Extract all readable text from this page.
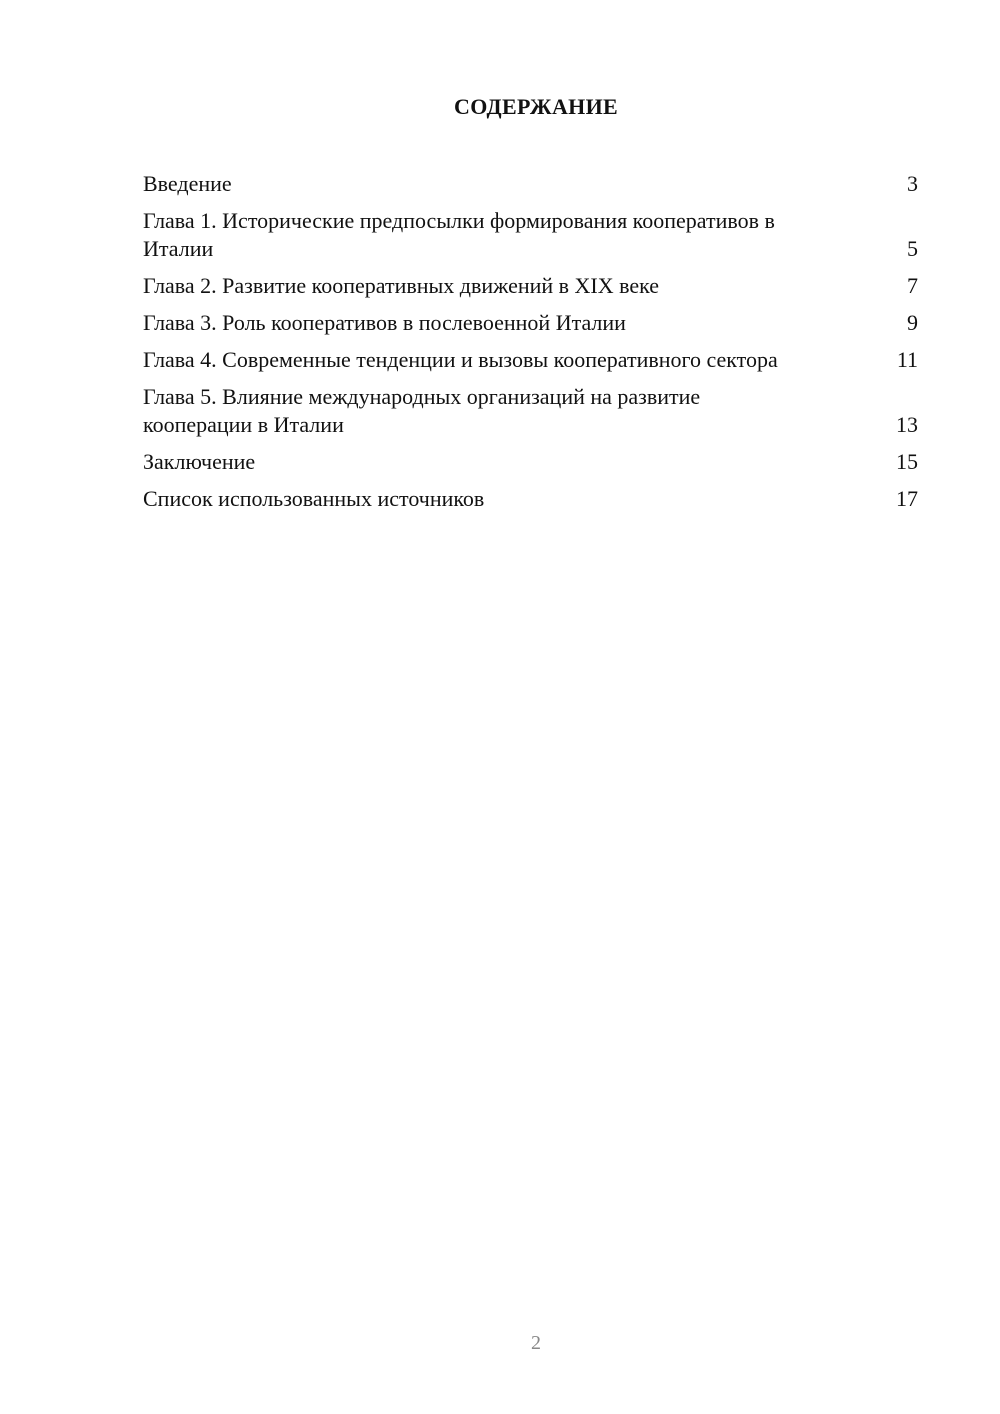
СОДЕРЖАНИЕ
Введение	3
Глава 1. Исторические предпосылки формирования кооперативов в Италии	5
Глава 2. Развитие кооперативных движений в XIX веке	7
Глава 3. Роль кооперативов в послевоенной Италии	9
Глава 4. Современные тенденции и вызовы кооперативного сектора	11
Глава 5. Влияние международных организаций на развитие кооперации в Италии	13
Заключение	15
Список использованных источников	17
2
